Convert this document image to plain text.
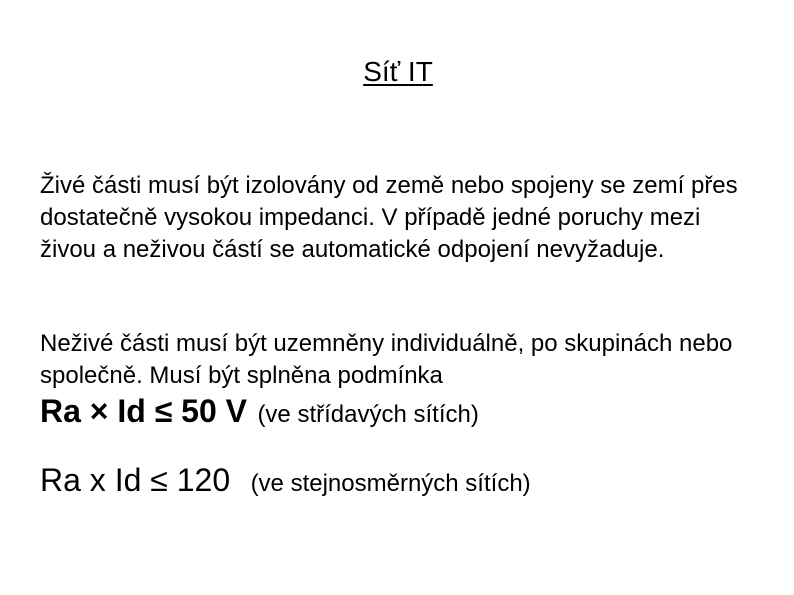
Síť IT

Živé části musí být izolovány od země nebo spojeny se zemí přes dostatečně vysokou impedanci. V případě jedné poruchy mezi živou a neživou částí se automatické odpojení nevyžaduje.

Neživé části musí být uzemněny individuálně, po skupinách nebo společně. Musí být splněna podmínka

Ra × Id ≤ 50 V (ve střídavých sítích)
Ra x Id ≤ 120 (ve stejnosměrných sítích)
